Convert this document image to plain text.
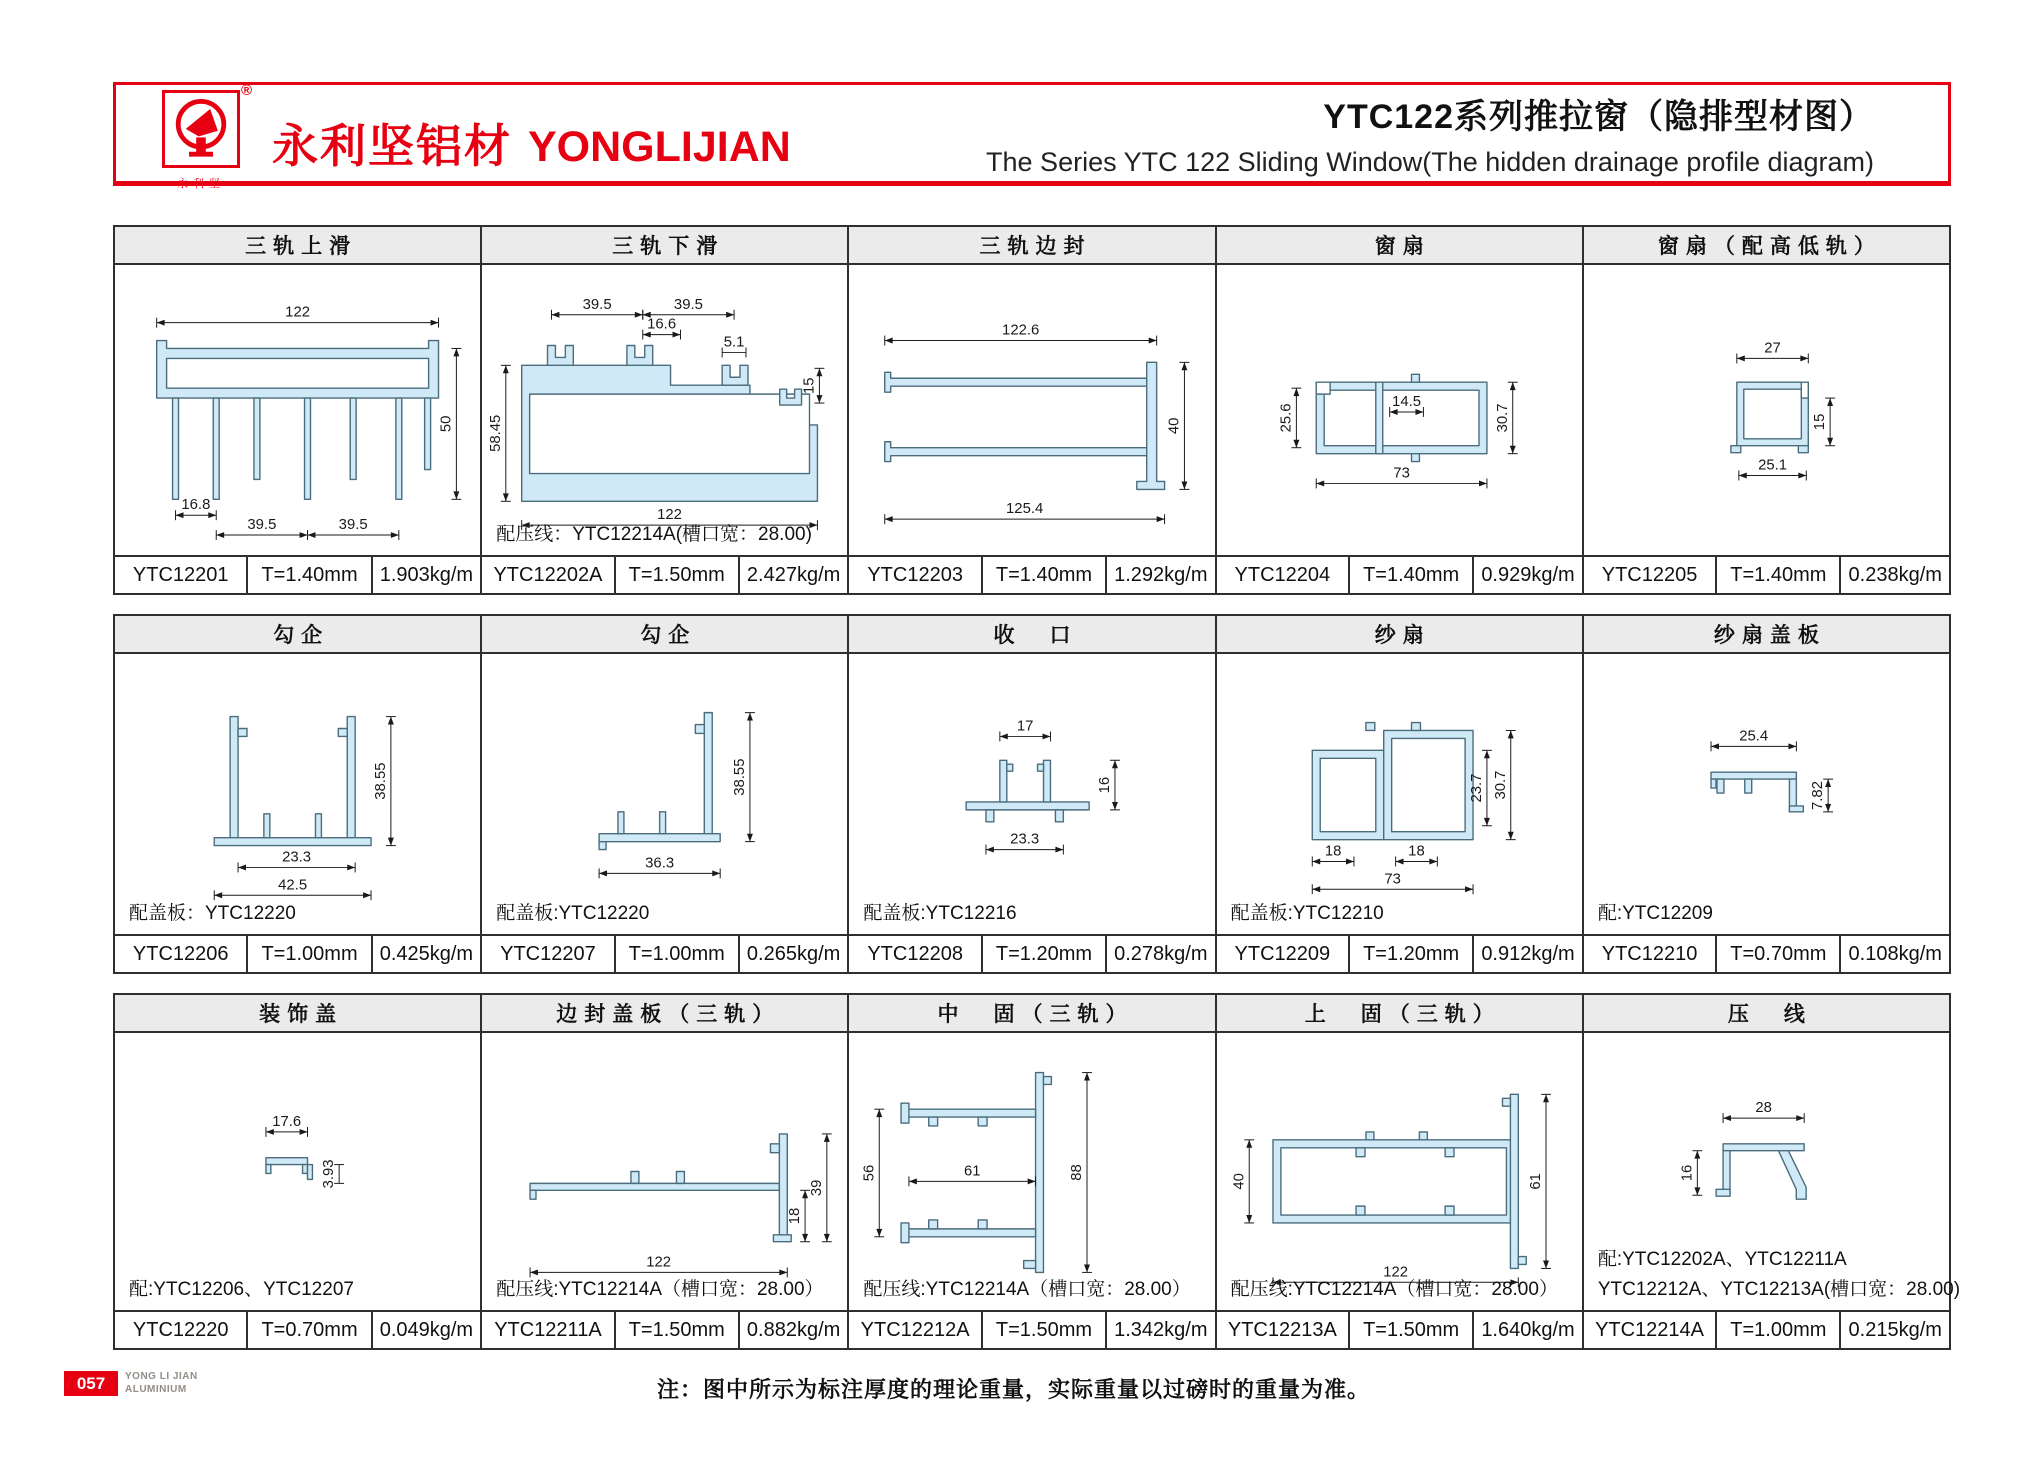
®
永利坚
永利坚铝材 YONGLIJIAN
YTC122系列推拉窗（隐排型材图）
The Series YTC 122 Sliding Window(The hidden drainage profile diagram)
三轨上滑
122
50
16.8
39.5	39.5
YTC12201	T=1.40mm	1.903kg/m
三轨下滑
39.5	39.5
16.6
5.1
15
58.45
122
配压线：YTC12214A(槽口宽：28.00)
YTC12202A	T=1.50mm	2.427kg/m
三轨边封
122.6
40
125.4
YTC12203	T=1.40mm	1.292kg/m
窗扇
25.6
14.5
30.7
73
YTC12204	T=1.40mm	0.929kg/m
窗扇（配高低轨）
27
15
25.1
YTC12205	T=1.40mm	0.238kg/m
勾企
38.55
23.3
42.5
配盖板：YTC12220
YTC12206	T=1.00mm	0.425kg/m
勾企
38.55
36.3
配盖板:YTC12220
YTC12207	T=1.00mm	0.265kg/m
收　口
17
16
23.3
配盖板:YTC12216
YTC12208	T=1.20mm	0.278kg/m
纱扇
23.7 30.7
18	18
73
配盖板:YTC12210
YTC12209	T=1.20mm	0.912kg/m
纱扇盖板
25.4
7.82
配:YTC12209
YTC12210	T=0.70mm	0.108kg/m
装饰盖
17.6
3.93
配:YTC12206、YTC12207
YTC12220	T=0.70mm	0.049kg/m
边封盖板（三轨）
122
18
39
配压线:YTC12214A（槽口宽：28.00）
YTC12211A	T=1.50mm	0.882kg/m
中　固（三轨）
56	61	88
配压线:YTC12214A（槽口宽：28.00）
YTC12212A	T=1.50mm	1.342kg/m
上　固（三轨）
40
122
61
配压线:YTC12214A（槽口宽：28.00）
YTC12213A	T=1.50mm	1.640kg/m
压　线
28
16
配:YTC12202A、YTC12211A
YTC12212A、YTC12213A(槽口宽：28.00)
YTC12214A	T=1.00mm	0.215kg/m
057	YONG LI JIAN
ALUMINIUM	注：图中所示为标注厚度的理论重量，实际重量以过磅时的重量为准。
